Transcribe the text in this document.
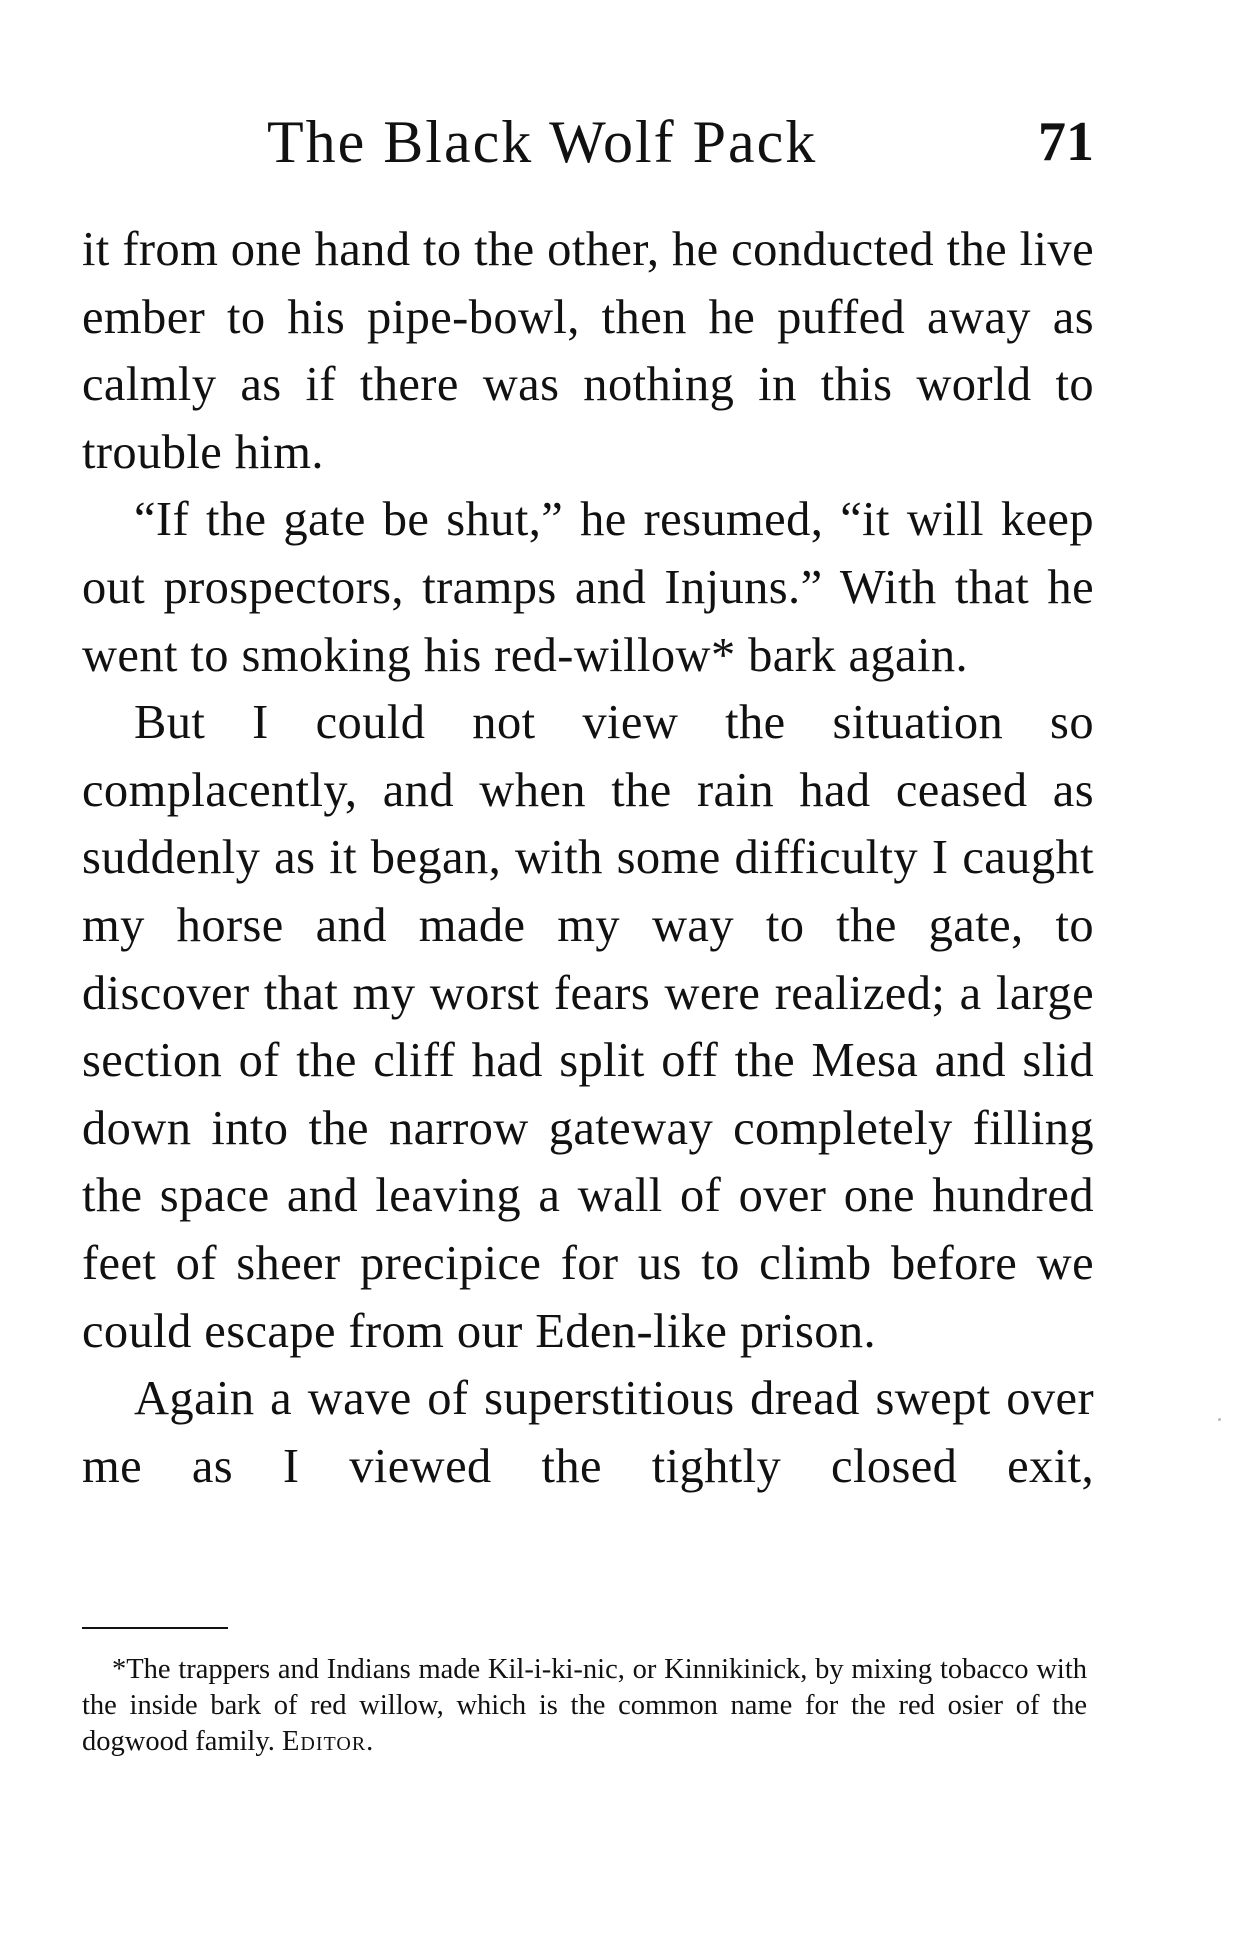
The Black Wolf Pack	71

it from one hand to the other, he conducted the live ember to his pipe-bowl, then he puffed away as calmly as if there was nothing in this world to trouble him.

“If the gate be shut,” he resumed, “it will keep out prospectors, tramps and Injuns.” With that he went to smoking his red-willow* bark again.

But I could not view the situation so complacently, and when the rain had ceased as suddenly as it began, with some difficulty I caught my horse and made my way to the gate, to discover that my worst fears were realized; a large section of the cliff had split off the Mesa and slid down into the narrow gateway completely filling the space and leaving a wall of over one hundred feet of sheer precipice for us to climb before we could escape from our Eden-like prison.

Again a wave of superstitious dread swept over me as I viewed the tightly closed exit,

*The trappers and Indians made Kil-i-ki-nic, or Kinnikinick, by mixing tobacco with the inside bark of red willow, which is the common name for the red osier of the dogwood family. Editor.
